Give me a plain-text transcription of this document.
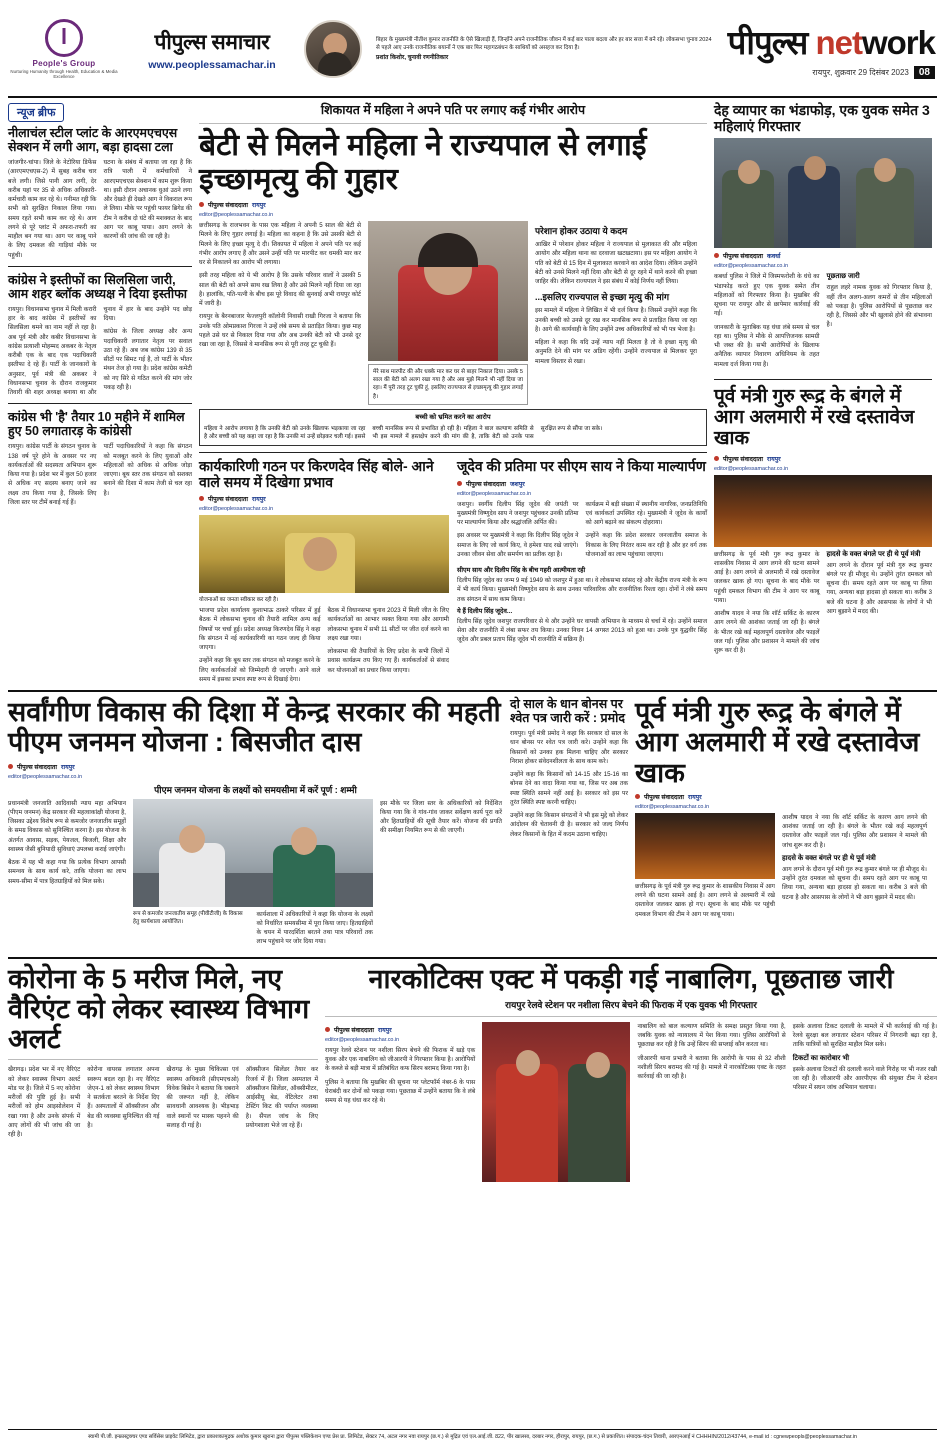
People's Group
Nurturing Humanity through Health, Education & Media Excellence
पीपुल्स समाचार
www.peoplessamachar.in
बिहार के मुख्यमंत्री नीतीश कुमार राजनीति के ऐसे खिलाड़ी हैं, जिन्होंने अपने राजनीतिक जीवन में कई बार पाला बदला और हर बार सत्ता में बने रहे। लोकसभा चुनाव 2024 से पहले आए उनके राजनीतिक बयानों ने एक बार फिर महागठबंधन के साथियों को असहज कर दिया है।
प्रशांत किशोर, चुनावी रणनीतिकार	पीपुल्स network
रायपुर, शुक्रवार 29 दिसंबर 2023	08
न्यूज ब्रीफ
नीलाचंल स्टील प्लांट के आरएमएचएस सेक्शन में लगी आग, बड़ा हादसा टला

जांजगीर-चांपा। जिले के नेटोरिया डिफेंस (आरएमएचएस-2) में सुबह करीब चार बजे लगी। जिसे पानी आग लगी, देर करीब यहां पर 35 से अधिक अधिकारी-कर्मचारी काम कर रहे थे। गनीमत रही कि सभी को सुरक्षित निकाल लिया गया। समय रहते सभी काम कर रहे थे। आग लगने से पूरे प्लांट में अफरा-तफरी का माहौल बन गया था। आग पर काबू पाने के लिए दमकल की गाड़ियां मौके पर पहुंची।

घटना के संबंध में बताया जा रहा है कि रात्रि पाली में कर्मचारियों ने आरएमएचएस सेक्शन में काम शुरू किया था। इसी दौरान अचानक धुआं उठने लगा और देखते ही देखते आग ने विकराल रूप ले लिया। मौके पर पहुंची फायर ब्रिगेड की टीम ने करीब दो घंटे की मशक्कत के बाद आग पर काबू पाया। आग लगने के कारणों की जांच की जा रही है।

कांग्रेस ने इस्तीफों का सिलसिला जारी, आम शहर ब्लॉक अध्यक्ष ने दिया इस्तीफा

रायपुर। विधानसभा चुनाव में मिली करारी हार के बाद कांग्रेस में इस्तीफों का सिलसिला थमने का नाम नहीं ले रहा है। अब पूर्व मंत्री और कबीर विधानसभा के कांग्रेस प्रत्याशी मोहम्मद अकबर के नेतृत्व करीबी एक के बाद एक पदाधिकारी इस्तीफा दे रहे हैं। पार्टी के जानकारों के अनुसार, पूर्व मंत्री की अकबर ने विधानसभा चुनाव के दौरान राजकुमार तिवारी की शहर अध्यक्ष बनाया था और चुनाव में हार के बाद उन्होंने पद छोड़ दिया।

कांग्रेस के जिला अध्यक्ष और अन्य पदाधिकारी लगातार नेतृत्व पर सवाल उठा रहे हैं। अब जब कांग्रेस 139 से 35 सीटों पर सिमट गई है, तो पार्टी के भीतर मंथन तेज हो गया है। प्रदेश कांग्रेस कमेटी को नए सिरे से गठित करने की मांग जोर पकड़ रही है।

कांग्रेस भी 'है' तैयार 10 महीने में शामिल हुए 50 लगातारड़ के कांग्रेसी

रायपुर। कांग्रेस पार्टी के संगठन चुनाव के 138 वर्ष पूरे होने के अवसर पर नए कार्यकर्ताओं की सदस्यता अभियान शुरू किया गया है। प्रदेश भर में कुल 50 हजार से अधिक नए सदस्य बनाए जाने का लक्ष्य तय किया गया है, जिसके लिए जिला स्तर पर टीमें बनाई गई हैं।

पार्टी पदाधिकारियों ने कहा कि संगठन को मजबूत करने के लिए युवाओं और महिलाओं को अधिक से अधिक जोड़ा जाएगा। बूथ स्तर तक संगठन को सशक्त बनाने की दिशा में काम तेजी से चल रहा है।

शिकायत में महिला ने अपने पति पर लगाए कई गंभीर आरोप
बेटी से मिलने महिला ने राज्यपाल से लगाई इच्छामृत्यु की गुहार
पीपुल्स संवाददाता रायपुर
editor@peoplessamachar.co.in

छत्तीसगढ़ के राजभवन के पास एक महिला ने अपनी 5 साल की बेटी से मिलने के लिए गुहार लगाई है। महिला का कहना है कि उसे उसकी बेटी से मिलने के लिए इच्छा मृत्यु दे दी। शिकायत में महिला ने अपने पति पर कई गंभीर आरोप लगाए हैं और उसने उन्हीं पति पर मारपीट कर धमकी मार कर घर से निकालने का आरोप भी लगाया।

इसी तरह महिला को ये भी आरोप है कि उसके परिवार वालों ने उसकी 5 साल की बेटी को अपने साथ रख लिया है और उसे मिलने नहीं दिया जा रहा है। हालांकि, पति-पत्नी के बीच इस पूरे विवाद की सुनवाई अभी रायपुर कोर्ट में जारी है।

रायपुर के बैरनबाजार फेज्लपुरी कॉलोनी निवासी राखी गिरजा ने बताया कि उनके पति ओमप्रकाश गिरजा ने उन्हें लंबे समय से प्रताड़ित किया। कुछ माह पहले उसे घर से निकाल दिया गया और अब उनकी बेटी को भी उनसे दूर रखा जा रहा है, जिससे वे मानसिक रूप से पूरी तरह टूट चुकी हैं।

मेरे साथ मारपीट की और धक्के मार कर घर से बाहर निकाल दिया। उसके 5 साल की बेटी को अलग रखा गया है और अब मुझे मिलने भी नहीं दिया जा रहा। मैं पूरी तरह टूट चुकी हूं, इसलिए राज्यपाल से इच्छामृत्यु की गुहार लगाई है।
परेशान होकर उठाया ये कदम

आखिर में परेशान होकर महिला ने राज्यपाल से मुलाकात की और महिला आयोग और महिला थाना का दरवाजा खटखटाया। इस पर महिला आयोग ने पति को बेटी से 15 दिन में मुलाकात करवाने का आदेश दिया। लेकिन उन्होंने बेटी को उनसे मिलने नहीं दिया और बेटी से दूर रहने में थाने करने की इच्छा जाहिर की। लेकिन राज्यपाल ने इस संबंध में कोई निर्णय नहीं लिया।

...इसलिए राज्यपाल से इच्छा मृत्यु की मांग

इस मामले में महिला ने लिखित में भी दर्ज किया है। जिसमें उन्होंने कहा कि उनकी बच्ची को उनसे दूर रख कर मानसिक रूप से प्रताड़ित किया जा रहा है। आगे की कार्यवाही के लिए उन्होंने उच्च अधिकारियों को भी पत्र भेजा है।

महिला ने कहा कि यदि उन्हें न्याय नहीं मिलता है तो वे इच्छा मृत्यु की अनुमति देने की मांग पर अडिग रहेंगी। उन्होंने राज्यपाल से मिलकर पूरा मामला विस्तार से रखा।

बच्ची को भ्रमित करने का आरोप
महिला ने आरोप लगाया है कि उनकी बेटी को उनके खिलाफ भड़काया जा रहा है और बच्ची को यह कहा जा रहा है कि उनकी मां उन्हें छोड़कर चली गई। इससे बच्ची मानसिक रूप से प्रभावित हो रही है। महिला ने बाल कल्याण समिति से भी इस मामले में हस्तक्षेप करने की मांग की है, ताकि बेटी को उनके पास सुरक्षित रूप से सौंपा जा सके।
कार्यकारिणी गठन पर किरणदेव सिंह बोले- आने वाले समय में दिखेगा प्रभाव
पीपुल्स संवाददाता रायपुर
editor@peoplessamachar.co.in
योजनाओं का जनता स्वीकार कर रही है।

भाजपा प्रदेश कार्यालय कुशाभाऊ ठाकरे परिसर में हुई बैठक में लोकसभा चुनाव की तैयारी शामिल अन्य कई विषयों पर चर्चा हुई। प्रदेश अध्यक्ष किरणदेव सिंह ने कहा कि संगठन में नई कार्यकारिणी का गठन जल्द ही किया जाएगा।

उन्होंने कहा कि बूथ स्तर तक संगठन को मजबूत करने के लिए कार्यकर्ताओं को जिम्मेदारी दी जाएगी। आने वाले समय में इसका प्रभाव स्पष्ट रूप से दिखाई देगा।

बैठक में विधानसभा चुनाव 2023 में मिली जीत के लिए कार्यकर्ताओं का आभार व्यक्त किया गया और आगामी लोकसभा चुनाव में सभी 11 सीटों पर जीत दर्ज करने का लक्ष्य रखा गया।

लोकसभा की तैयारियों के लिए प्रदेश के सभी जिलों में प्रवास कार्यक्रम तय किए गए हैं। कार्यकर्ताओं से संवाद कर योजनाओं का प्रचार किया जाएगा।

जूदेव की प्रतिमा पर सीएम साय ने किया माल्यार्पण
पीपुल्स संवाददाता जशपुर
editor@peoplessamachar.co.in

जशपुर। स्वर्गीय दिलीप सिंह जूदेव की जयंती पर मुख्यमंत्री विष्णुदेव साय ने जशपुर पहुंचकर उनकी प्रतिमा पर माल्यार्पण किया और श्रद्धांजलि अर्पित की।

इस अवसर पर मुख्यमंत्री ने कहा कि दिलीप सिंह जूदेव ने समाज के लिए जो कार्य किए, वे हमेशा याद रखे जाएंगे। उनका जीवन सेवा और समर्पण का प्रतीक रहा है।

कार्यक्रम में बड़ी संख्या में स्थानीय नागरिक, जनप्रतिनिधि एवं कार्यकर्ता उपस्थित रहे। मुख्यमंत्री ने जूदेव के कार्यों को आगे बढ़ाने का संकल्प दोहराया।

उन्होंने कहा कि प्रदेश सरकार जनजातीय समाज के विकास के लिए निरंतर काम कर रही है और हर वर्ग तक योजनाओं का लाभ पहुंचाया जाएगा।

सीएम साय और दिलीप सिंह के बीच गहरी आत्मीयता रही
दिलीप सिंह जूदेव का जन्म 9 मई 1949 को जशपुर में हुआ था। वे लोकसभा सांसद रहे और केंद्रीय राज्य मंत्री के रूप में भी कार्य किया। मुख्यमंत्री विष्णुदेव साय के साथ उनका पारिवारिक और राजनीतिक रिश्ता रहा। दोनों ने लंबे समय तक संगठन में साथ काम किया।
ये हैं दिलीप सिंह जूदेव...
दिलीप सिंह जूदेव जशपुर राजपरिवार से थे और उन्होंने घर वापसी अभियान के माध्यम से चर्चा में रहे। उन्होंने समाज सेवा और राजनीति में लंबा सफर तय किया। उनका निधन 14 अगस्त 2013 को हुआ था। उनके पुत्र युद्धवीर सिंह जूदेव और प्रबल प्रताप सिंह जूदेव भी राजनीति में सक्रिय हैं।
देह व्यापार का भंडाफोड़, एक युवक समेत 3 महिलाएं गिरफ्तार
पीपुल्स संवाददाता कवर्धा
editor@peoplessamachar.co.in

कबर्धा पुलिस ने जिले में जिस्मफरोशी के धंधे का भंडाफोड़ करते हुए एक युवक समेत तीन महिलाओं को गिरफ्तार किया है। मुखबिर की सूचना पर रायपुर और से छापेमार कार्रवाई की गई।

जानकारी के मुताबिक यह धंधा लंबे समय से चल रहा था। पुलिस ने मौके से आपत्तिजनक सामग्री भी जब्त की है। सभी आरोपियों के खिलाफ अनैतिक व्यापार निवारण अधिनियम के तहत मामला दर्ज किया गया है।

पूछताछ जारी
राहुल लहरे नामक युवक को गिरफ्तार किया है, वहीं तीन अलग-अलग कमरों से तीन महिलाओं को पकड़ा है। पुलिस आरोपियों से पूछताछ कर रही है, जिससे और भी खुलासे होने की संभावना है।
पूर्व मंत्री गुरु रूद्र के बंगले में आग अलमारी में रखे दस्तावेज खाक
पीपुल्स संवाददाता रायपुर
editor@peoplessamachar.co.in

छत्तीसगढ़ के पूर्व मंत्री गुरु रूद्र कुमार के शासकीय निवास में आग लगने की घटना सामने आई है। आग लगने से अलमारी में रखे दस्तावेज जलकर खाक हो गए। सूचना के बाद मौके पर पहुंची दमकल विभाग की टीम ने आग पर काबू पाया।

आशीष यादव ने नया कि शॉर्ट सर्किट के कारण आग लगने की आशंका जताई जा रही है। बंगले के भीतर रखे कई महत्वपूर्ण दस्तावेज और फाइलें जल गईं। पुलिस और प्रशासन ने मामले की जांच शुरू कर दी है।

हादसे के वक्त बंगले पर ही थे पूर्व मंत्री
आग लगने के दौरान पूर्व मंत्री गुरु रूद्र कुमार बंगले पर ही मौजूद थे। उन्होंने तुरंत दमकल को सूचना दी। समय रहते आग पर काबू पा लिया गया, अन्यथा बड़ा हादसा हो सकता था। करीब 3 बजे की घटना है और आसपास के लोगों ने भी आग बुझाने में मदद की।
सर्वांगीण विकास की दिशा में केन्द्र सरकार की महती पीएम जनमन योजना : बिसजीत दास
पीपुल्स संवाददाता रायपुर
editor@peoplessamachar.co.in
पीएम जनमन योजना के लक्ष्यों को समयसीमा में करें पूर्ण : शम्मी

प्रधानमंत्री जनजाति आदिवासी न्याय महा अभियान (पीएम जनमन) केंद्र सरकार की महत्वाकांक्षी योजना है, जिसका उद्देश्य विशेष रूप से कमजोर जनजातीय समूहों के समग्र विकास को सुनिश्चित करना है। इस योजना के अंतर्गत आवास, सड़क, पेयजल, बिजली, शिक्षा और स्वास्थ्य जैसी बुनियादी सुविधाएं उपलब्ध कराई जाएंगी।

बैठक में यह भी कहा गया कि प्रत्येक विभाग आपसी समन्वय के साथ कार्य करे, ताकि योजना का लाभ समय-सीमा में पात्र हितग्राहियों को मिल सके।

रूप से कमजोर जनजातीय समूह (पीवीटीजी) के विकास हेतु कार्यशाला आयोजित।

कार्यशाला में अधिकारियों ने कहा कि योजना के लक्ष्यों को निर्धारित समयसीमा में पूरा किया जाए। हितग्राहियों के चयन में पारदर्शिता बरतने तथा पात्र परिवारों तक लाभ पहुंचाने पर जोर दिया गया।

इस मौके पर जिला स्तर के अधिकारियों को निर्देशित किया गया कि वे गांव-गांव जाकर सर्वेक्षण कार्य पूरा करें और हितग्राहियों की सूची तैयार करें। योजना की प्रगति की समीक्षा नियमित रूप से की जाएगी।

दो साल के धान बोनस पर श्वेत पत्र जारी करें : प्रमोद

रायपुर। पूर्व मंत्री प्रमोद ने कहा कि सरकार दो साल के धान बोनस पर श्वेत पत्र जारी करे। उन्होंने कहा कि किसानों को उनका हक मिलना चाहिए और सरकार निराश होकर संवेदनशीलता के साथ काम करे।

उन्होंने कहा कि किसानों को 14-15 और 15-16 का बोनस देने का वादा किया गया था, जिस पर अब तक स्पष्ट स्थिति सामने नहीं आई है। सरकार को इस पर तुरंत स्थिति स्पष्ट करनी चाहिए।

उन्होंने कहा कि किसान संगठनों ने भी इस मुद्दे को लेकर आंदोलन की चेतावनी दी है। सरकार को जल्द निर्णय लेकर किसानों के हित में कदम उठाना चाहिए।

पूर्व मंत्री गुरु रूद्र के बंगले में आग अलमारी में रखे दस्तावेज खाक
पीपुल्स संवाददाता रायपुर
editor@peoplessamachar.co.in

छत्तीसगढ़ के पूर्व मंत्री गुरु रूद्र कुमार के शासकीय निवास में आग लगने की घटना सामने आई है। आग लगने से अलमारी में रखे दस्तावेज जलकर खाक हो गए। सूचना के बाद मौके पर पहुंची दमकल विभाग की टीम ने आग पर काबू पाया।

आशीष यादव ने नया कि शॉर्ट सर्किट के कारण आग लगने की आशंका जताई जा रही है। बंगले के भीतर रखे कई महत्वपूर्ण दस्तावेज और फाइलें जल गईं। पुलिस और प्रशासन ने मामले की जांच शुरू कर दी है।

हादसे के वक्त बंगले पर ही थे पूर्व मंत्री
आग लगने के दौरान पूर्व मंत्री गुरु रूद्र कुमार बंगले पर ही मौजूद थे। उन्होंने तुरंत दमकल को सूचना दी। समय रहते आग पर काबू पा लिया गया, अन्यथा बड़ा हादसा हो सकता था। करीब 3 बजे की घटना है और आसपास के लोगों ने भी आग बुझाने में मदद की।
कोरोना के 5 मरीज मिले, नए वैरिएंट को लेकर स्वास्थ्य विभाग अलर्ट

खैरागढ़। प्रदेश भर में नए वैरिएंट को लेकर स्वास्थ्य विभाग अलर्ट मोड पर है। जिले में 5 नए कोरोना मरीजों की पुष्टि हुई है। सभी मरीजों को होम आइसोलेशन में रखा गया है और उनके संपर्क में आए लोगों की भी जांच की जा रही है।

कोरोना वायरस लगातार अपना स्वरूप बदल रहा है। नए वैरिएंट जेएन-1 को लेकर स्वास्थ्य विभाग ने सतर्कता बरतने के निर्देश दिए हैं। अस्पतालों में ऑक्सीजन और बेड की व्यवस्था सुनिश्चित की गई है।

खैरागढ़ के मुख्य चिकित्सा एवं स्वास्थ्य अधिकारी (सीएमएचओ) विवेक बिसेन ने बताया कि घबराने की जरूरत नहीं है, लेकिन सावधानी आवश्यक है। भीड़भाड़ वाले स्थानों पर मास्क पहनने की सलाह दी गई है।

ऑक्सीजन सिलेंडर तैयार कर रिजर्व में हैं। जिला अस्पताल में ऑक्सीजन सिलेंडर, ऑक्सीमीटर, आईसीयू बेड, वेंटिलेटर तथा टेस्टिंग किट की पर्याप्त व्यवस्था है। सैंपल जांच के लिए प्रयोगशाला भेजे जा रहे हैं।

नारकोटिक्स एक्ट में पकड़ी गई नाबालिग, पूछताछ जारी
रायपुर रेलवे स्टेशन पर नशीला सिरप बेचने की फिराक में एक युवक भी गिरफ्तार
पीपुल्स संवाददाता रायपुर
editor@peoplessamachar.co.in

रायपुर रेलवे स्टेशन पर नशीला सिरप बेचने की फिराक में खड़े एक युवक और एक नाबालिग को जीआरपी ने गिरफ्तार किया है। आरोपियों के कब्जे से बड़ी मात्रा में प्रतिबंधित कफ सिरप बरामद किया गया है।

पुलिस ने बताया कि मुखबिर की सूचना पर प्लेटफॉर्म नंबर-6 के पास घेराबंदी कर दोनों को पकड़ा गया। पूछताछ में उन्होंने बताया कि वे लंबे समय से यह धंधा कर रहे थे।

नाबालिग को बाल कल्याण समिति के समक्ष प्रस्तुत किया गया है, जबकि युवक को न्यायालय में पेश किया गया। पुलिस आरोपियों से पूछताछ कर रही है कि उन्हें सिरप की सप्लाई कौन करता था।

जीआरपी थाना प्रभारी ने बताया कि आरोपी के पास से 32 शीशी नशीली सिरप बरामद की गई है। मामले में नारकोटिक्स एक्ट के तहत कार्रवाई की जा रही है।

इसके अलावा टिकट दलाली के मामले में भी कार्रवाई की गई है। रेलवे सुरक्षा बल लगातार स्टेशन परिसर में निगरानी बढ़ा रहा है, ताकि यात्रियों को सुरक्षित माहौल मिल सके।

टिकटों का कारोबार भी
इसके अलावा टिकटों की दलाली करने वाले गिरोह पर भी नजर रखी जा रही है। जीआरपी और आरपीएफ की संयुक्त टीम ने स्टेशन परिसर में सघन जांच अभियान चलाया।
स्वामी पी.जी. इन्फ्रास्ट्रक्चर एण्ड सर्विसेस प्राइवेट लिमिटेड, द्वारा प्रकाशक/मुद्रक अशोक कुमार खुराना द्वारा पीपुल्स पब्लिकेशन एण्ड प्रेस प्रा. लिमिटेड, सेक्टर 74, अटल नगर नवा रायपुर (छ.ग.) से मुद्रित एवं एल.आई.जी. 822, पीर खालसा, दरबार नगर, हीरापुर, रायपुर, (छ.ग.) से प्रकाशित। संपादक-चंदन तिवारी, आरएनआई नं CHHHIN/2012/43744, e-mail id : cgnewpeopls@peoplessamachar.in
